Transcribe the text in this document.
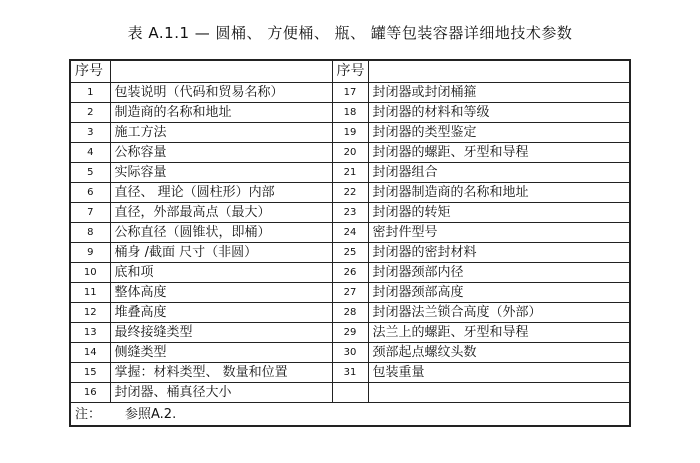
表 A.1.1 — 圆桶、 方便桶、 瓶、 罐等包装容器详细地技术参数
序号		序号	
1	包装说明（代码和贸易名称）	17	封闭器或封闭桶箍
2	制造商的名称和地址	18	封闭器的材料和等级
3	施工方法	19	封闭器的类型鉴定
4	公称容量	20	封闭器的螺距、牙型和导程
5	实际容量	21	封闭器组合
6	直径、 理论（圆柱形）内部	22	封闭器制造商的名称和地址
7	直径，外部最高点（最大）	23	封闭器的转矩
8	公称直径（圆锥状，即桶）	24	密封件型号
9	桶身 /截面 尺寸（非圆）	25	封闭器的密封材料
10	底和项	26	封闭器颈部内径
11	整体高度	27	封闭器颈部高度
12	堆叠高度	28	封闭器法兰锁合高度（外部）
13	最终接缝类型	29	法兰上的螺距、牙型和导程
14	侧缝类型	30	颈部起点螺纹头数
15	掌握：材料类型、 数量和位置	31	包装重量
16	封闭器、桶真径大小		
注： 参照A.2.			
